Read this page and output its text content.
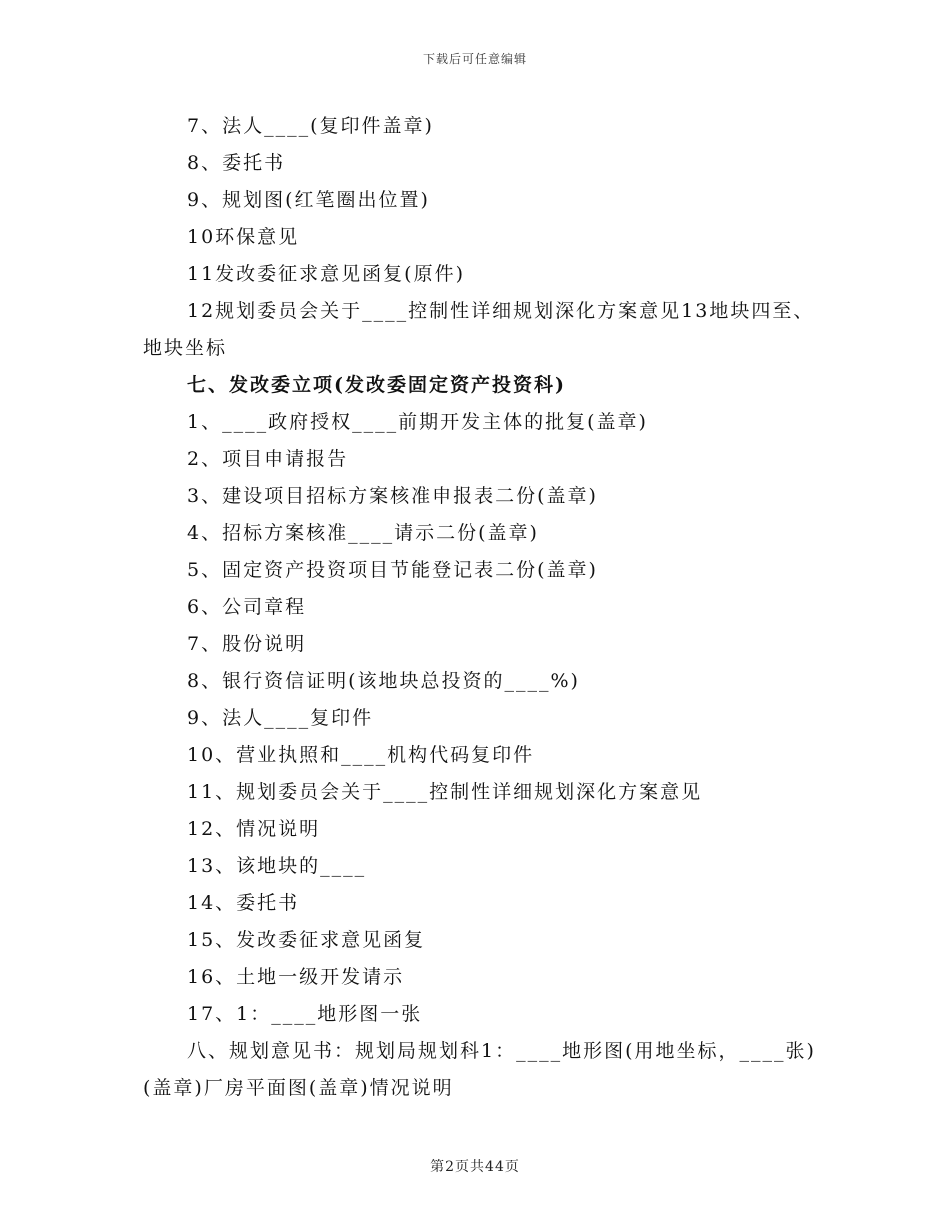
下载后可任意编辑
7、法人____(复印件盖章)
8、委托书
9、规划图(红笔圈出位置)
10环保意见
11发改委征求意见函复(原件)
12规划委员会关于____控制性详细规划深化方案意见13地块四至、地块坐标
七、发改委立项(发改委固定资产投资科)
1、____政府授权____前期开发主体的批复(盖章)
2、项目申请报告
3、建设项目招标方案核准申报表二份(盖章)
4、招标方案核准____请示二份(盖章)
5、固定资产投资项目节能登记表二份(盖章)
6、公司章程
7、股份说明
8、银行资信证明(该地块总投资的____%)
9、法人____复印件
10、营业执照和____机构代码复印件
11、规划委员会关于____控制性详细规划深化方案意见
12、情况说明
13、该地块的____
14、委托书
15、发改委征求意见函复
16、土地一级开发请示
17、1：____地形图一张
八、规划意见书：规划局规划科1：____地形图(用地坐标，____张)(盖章)厂房平面图(盖章)情况说明
第2页共44页
